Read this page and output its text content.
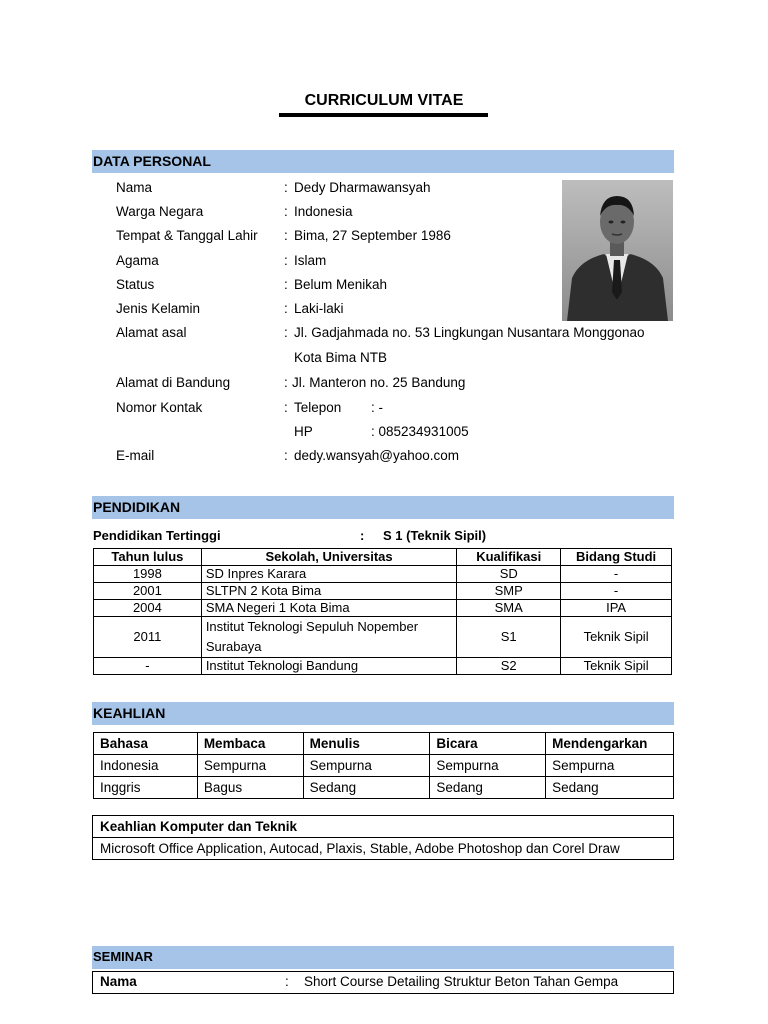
CURRICULUM VITAE
DATA PERSONAL
Nama	: Dedy Dharmawansyah
Warga Negara	: Indonesia
Tempat & Tanggal Lahir : Bima, 27 September 1986
Agama	: Islam
Status	: Belum Menikah
Jenis Kelamin	: Laki-laki
Alamat asal	: Jl. Gadjahmada no. 53 Lingkungan Nusantara Monggonao
Kota Bima NTB
Alamat di Bandung	: Jl. Manteron no. 25 Bandung
Nomor Kontak	: Telepon : -
HP	: 085234931005
E-mail	: dedy.wansyah@yahoo.com
PENDIDIKAN
Pendidikan Tertinggi	: S 1 (Teknik Sipil)
Tahun lulus	Sekolah, Universitas	Kualifikasi	Bidang Studi
1998	SD Inpres Karara	SD	-
2001	SLTPN 2 Kota Bima	SMP	-
2004	SMA Negeri 1 Kota Bima	SMA	IPA
2011	Institut Teknologi Sepuluh Nopember Surabaya	S1	Teknik Sipil
-	Institut Teknologi Bandung	S2	Teknik Sipil
KEAHLIAN
Bahasa	Membaca	Menulis	Bicara	Mendengarkan
Indonesia	Sempurna	Sempurna	Sempurna	Sempurna
Inggris	Bagus	Sedang	Sedang	Sedang
Keahlian Komputer dan Teknik
Microsoft Office Application, Autocad, Plaxis, Stable, Adobe Photoshop dan Corel Draw
SEMINAR
Nama	: Short Course Detailing Struktur Beton Tahan Gempa
